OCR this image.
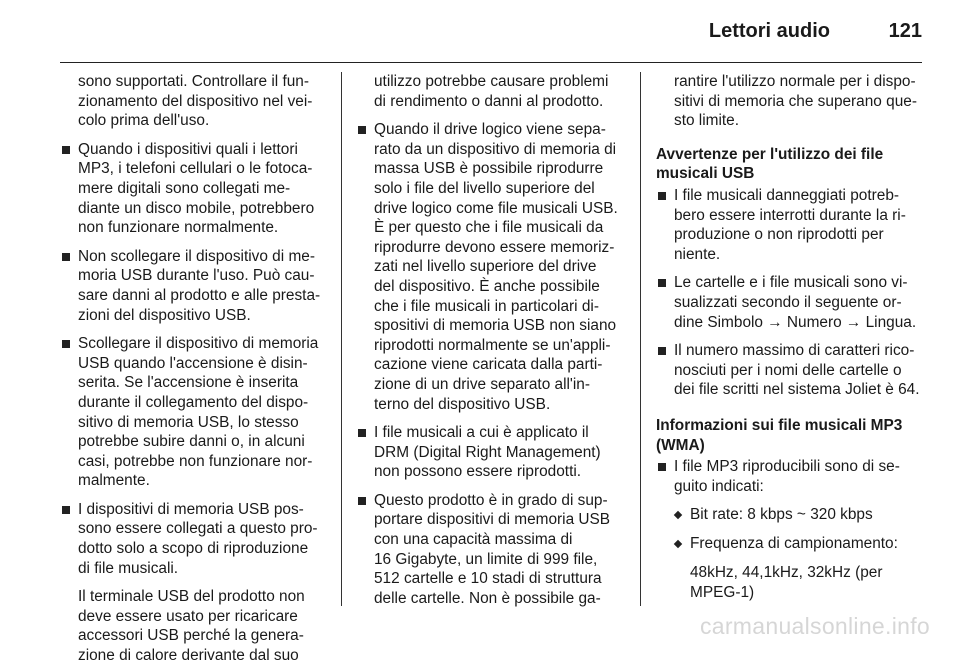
Lettori audio	121
sono supportati. Controllare il fun-
zionamento del dispositivo nel vei-
colo prima dell'uso.
Quando i dispositivi quali i lettori
MP3, i telefoni cellulari o le fotoca-
mere digitali sono collegati me-
diante un disco mobile, potrebbero
non funzionare normalmente.
Non scollegare il dispositivo di me-
moria USB durante l'uso. Può cau-
sare danni al prodotto e alle presta-
zioni del dispositivo USB.
Scollegare il dispositivo di memoria
USB quando l'accensione è disin-
serita. Se l'accensione è inserita
durante il collegamento del dispo-
sitivo di memoria USB, lo stesso
potrebbe subire danni o, in alcuni
casi, potrebbe non funzionare nor-
malmente.
I dispositivi di memoria USB pos-
sono essere collegati a questo pro-
dotto solo a scopo di riproduzione
di file musicali.
Il terminale USB del prodotto non
deve essere usato per ricaricare
accessori USB perché la genera-
zione di calore derivante dal suo
utilizzo potrebbe causare problemi
di rendimento o danni al prodotto.
Quando il drive logico viene sepa-
rato da un dispositivo di memoria di
massa USB è possibile riprodurre
solo i file del livello superiore del
drive logico come file musicali USB.
È per questo che i file musicali da
riprodurre devono essere memoriz-
zati nel livello superiore del drive
del dispositivo. È anche possibile
che i file musicali in particolari di-
spositivi di memoria USB non siano
riprodotti normalmente se un'appli-
cazione viene caricata dalla parti-
zione di un drive separato all'in-
terno del dispositivo USB.
I file musicali a cui è applicato il
DRM (Digital Right Management)
non possono essere riprodotti.
Questo prodotto è in grado di sup-
portare dispositivi di memoria USB
con una capacità massima di
16 Gigabyte, un limite di 999 file,
512 cartelle e 10 stadi di struttura
delle cartelle. Non è possibile ga-
rantire l'utilizzo normale per i dispo-
sitivi di memoria che superano que-
sto limite.
Avvertenze per l'utilizzo dei file
musicali USB
I file musicali danneggiati potreb-
bero essere interrotti durante la ri-
produzione o non riprodotti per
niente.
Le cartelle e i file musicali sono vi-
sualizzati secondo il seguente or-
dine Simbolo → Numero → Lingua.
Il numero massimo di caratteri rico-
nosciuti per i nomi delle cartelle o
dei file scritti nel sistema Joliet è 64.
Informazioni sui file musicali MP3
(WMA)
I file MP3 riproducibili sono di se-
guito indicati:
Bit rate: 8 kbps ~ 320 kbps
Frequenza di campionamento:
48kHz, 44,1kHz, 32kHz (per
MPEG-1)
carmanualsonline.info
